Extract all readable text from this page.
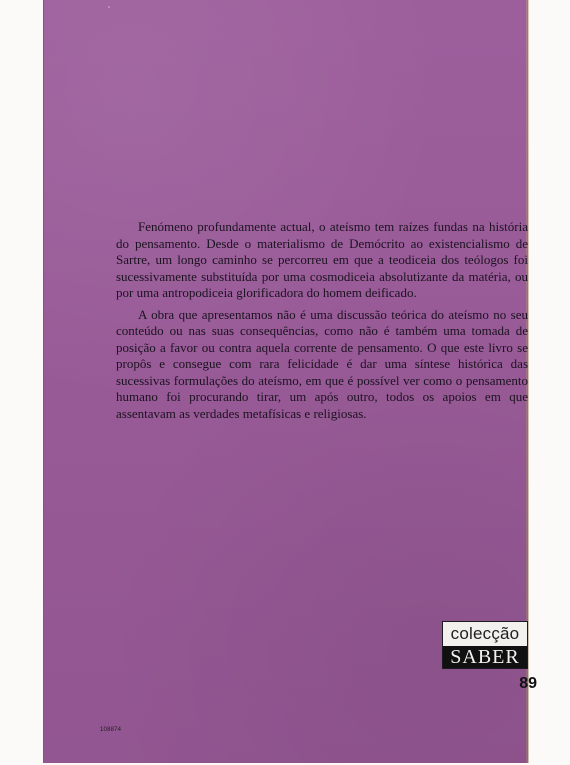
Fenómeno profundamente actual, o ateísmo tem raízes fundas na história do pensamento. Desde o materialismo de Demócrito ao existencialismo de Sartre, um longo caminho se percorreu em que a teodiceia dos teólogos foi sucessivamente substituída por uma cosmodiceia absolutizante da matéria, ou por uma antropodiceia glorificadora do homem deificado.

A obra que apresentamos não é uma discussão teórica do ateísmo no seu conteúdo ou nas suas consequências, como não é também uma tomada de posição a favor ou contra aquela corrente de pensamento. O que este livro se propôs e consegue com rara felicidade é dar uma síntese histórica das sucessivas formulações do ateísmo, em que é possível ver como o pensamento humano foi procurando tirar, um após outro, todos os apoios em que assentavam as verdades metafísicas e religiosas.

colecção
SABER
89
108874
